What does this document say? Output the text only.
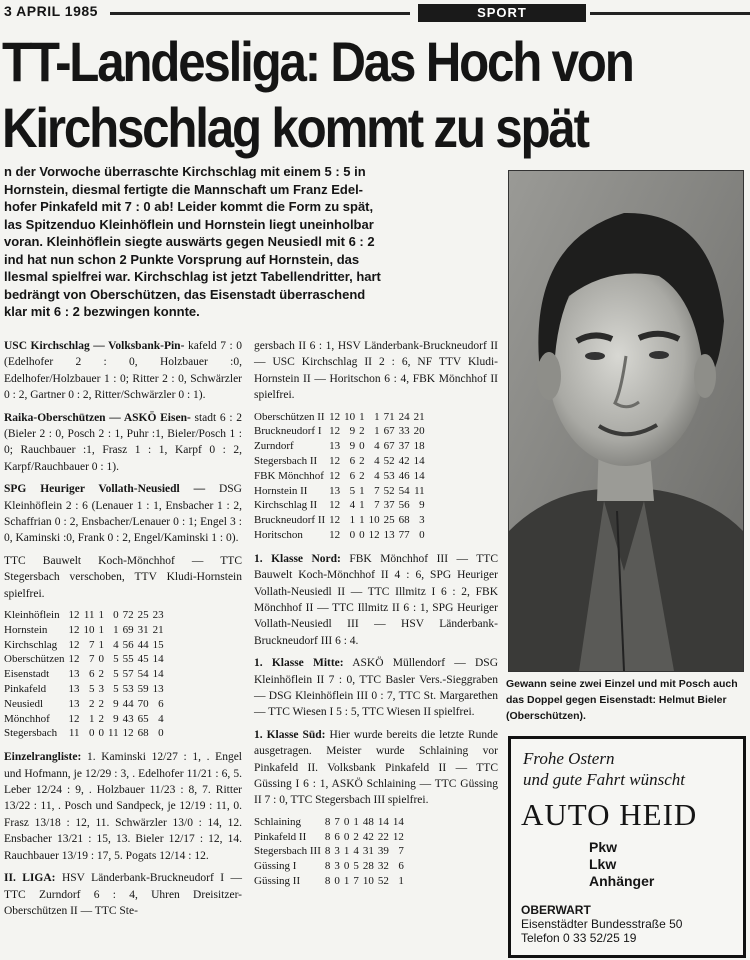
3 APRIL 1985	SPORT
TT-Landesliga: Das Hoch von
Kirchschlag kommt zu spät
n der Vorwoche überraschte Kirchschlag mit einem 5 : 5 in
Hornstein, diesmal fertigte die Mannschaft um Franz Edel-
hofer Pinkafeld mit 7 : 0 ab! Leider kommt die Form zu spät,
las Spitzenduo Kleinhöflein und Hornstein liegt uneinholbar
voran. Kleinhöflein siegte auswärts gegen Neusiedl mit 6 : 2
ind hat nun schon 2 Punkte Vorsprung auf Hornstein, das
llesmal spielfrei war. Kirchschlag ist jetzt Tabellendritter, hart
bedrängt von Oberschützen, das Eisenstadt überraschend
klar mit 6 : 2 bezwingen konnte.
Gewann seine zwei Einzel und mit Posch auch das Doppel gegen Eisenstadt: Helmut Bieler (Oberschützen).

USC Kirchschlag — Volksbank-Pin- kafeld 7 : 0 (Edelhofer 2 : 0, Holzbauer :0, Edelhofer/Holzbauer 1 : 0; Ritter 2 : 0, Schwärzler 0 : 2, Gartner 0 : 2, Ritter/Schwärzler 0 : 1).

Raika-Oberschützen — ASKÖ Eisen- stadt 6 : 2 (Bieler 2 : 0, Posch 2 : 1, Puhr :1, Bieler/Posch 1 : 0; Rauchbauer :1, Frasz 1 : 1, Karpf 0 : 2, Karpf/Rauchbauer 0 : 1).

SPG Heuriger Vollath-Neusiedl — DSG Kleinhöflein 2 : 6 (Lenauer 1 : 1, Ensbacher 1 : 2, Schaffrian 0 : 2, Ensbacher/Lenauer 0 : 1; Engel 3 : 0, Kaminski :0, Frank 0 : 2, Engel/Kaminski 1 : 0).

TTC Bauwelt Koch-Mönchhof — TTC Stegersbach verschoben, TTV Kludi-Hornstein spielfrei.

Kleinhöflein	12	11	1	0	72	25	23
Hornstein	12	10	1	1	69	31	21
Kirchschlag	12	7	1	4	56	44	15
Oberschützen	12	7	0	5	55	45	14
Eisenstadt	13	6	2	5	57	54	14
Pinkafeld	13	5	3	5	53	59	13
Neusiedl	13	2	2	9	44	70	6
Mönchhof	12	1	2	9	43	65	4
Stegersbach	11	0	0	11	12	68	0

Einzelrangliste: 1. Kaminski 12/27 : 1, . Engel und Hofmann, je 12/29 : 3, . Edelhofer 11/21 : 6, 5. Leber 12/24 : 9, . Holzbauer 11/23 : 8, 7. Ritter 13/22 : 11, . Posch und Sandpeck, je 12/19 : 11, 0. Frasz 13/18 : 12, 11. Schwärzler 13/0 : 14, 12. Ensbacher 13/21 : 15, 13. Bieler 12/17 : 12, 14. Rauchbauer 13/19 : 17, 5. Pogats 12/14 : 12.

II. LIGA: HSV Länderbank-Bruckneudorf I — TTC Zurndorf 6 : 4, Uhren Dreisitzer-Oberschützen II — TTC Ste-

gersbach II 6 : 1, HSV Länderbank-Bruckneudorf II — USC Kirchschlag II 2 : 6, NF TTV Kludi-Hornstein II — Horitschon 6 : 4, FBK Mönchhof II spielfrei.

Oberschützen II	12	10	1	1	71	24	21
Bruckneudorf I	12	9	2	1	67	33	20
Zurndorf	13	9	0	4	67	37	18
Stegersbach II	12	6	2	4	52	42	14
FBK Mönchhof	12	6	2	4	53	46	14
Hornstein II	13	5	1	7	52	54	11
Kirchschlag II	12	4	1	7	37	56	9
Bruckneudorf II	12	1	1	10	25	68	3
Horitschon	12	0	0	12	13	77	0

1. Klasse Nord: FBK Mönchhof III — TTC Bauwelt Koch-Mönchhof II 4 : 6, SPG Heuriger Vollath-Neusiedl II — TTC Illmitz I 6 : 2, FBK Mönchhof II — TTC Illmitz II 6 : 1, SPG Heuriger Vollath-Neusiedl III — HSV Länderbank-Bruckneudorf III 6 : 4.

1. Klasse Mitte: ASKÖ Müllendorf — DSG Kleinhöflein II 7 : 0, TTC Basler Vers.-Sieggraben — DSG Kleinhöflein III 0 : 7, TTC St. Margarethen — TTC Wiesen I 5 : 5, TTC Wiesen II spielfrei.

1. Klasse Süd: Hier wurde bereits die letzte Runde ausgetragen. Meister wurde Schlaining vor Pinkafeld II. Volksbank Pinkafeld II — TTC Güssing I 6 : 1, ASKÖ Schlaining — TTC Güssing II 7 : 0, TTC Stegersbach III spielfrei.

Schlaining	8	7	0	1	48	14	14
Pinkafeld II	8	6	0	2	42	22	12
Stegersbach III	8	3	1	4	31	39	7
Güssing I	8	3	0	5	28	32	6
Güssing II	8	0	1	7	10	52	1
Frohe Ostern
und gute Fahrt wünscht
AUTO HEID
Pkw
Lkw
Anhänger
OBERWART
Eisenstädter Bundesstraße 50
Telefon 0 33 52/25 19
